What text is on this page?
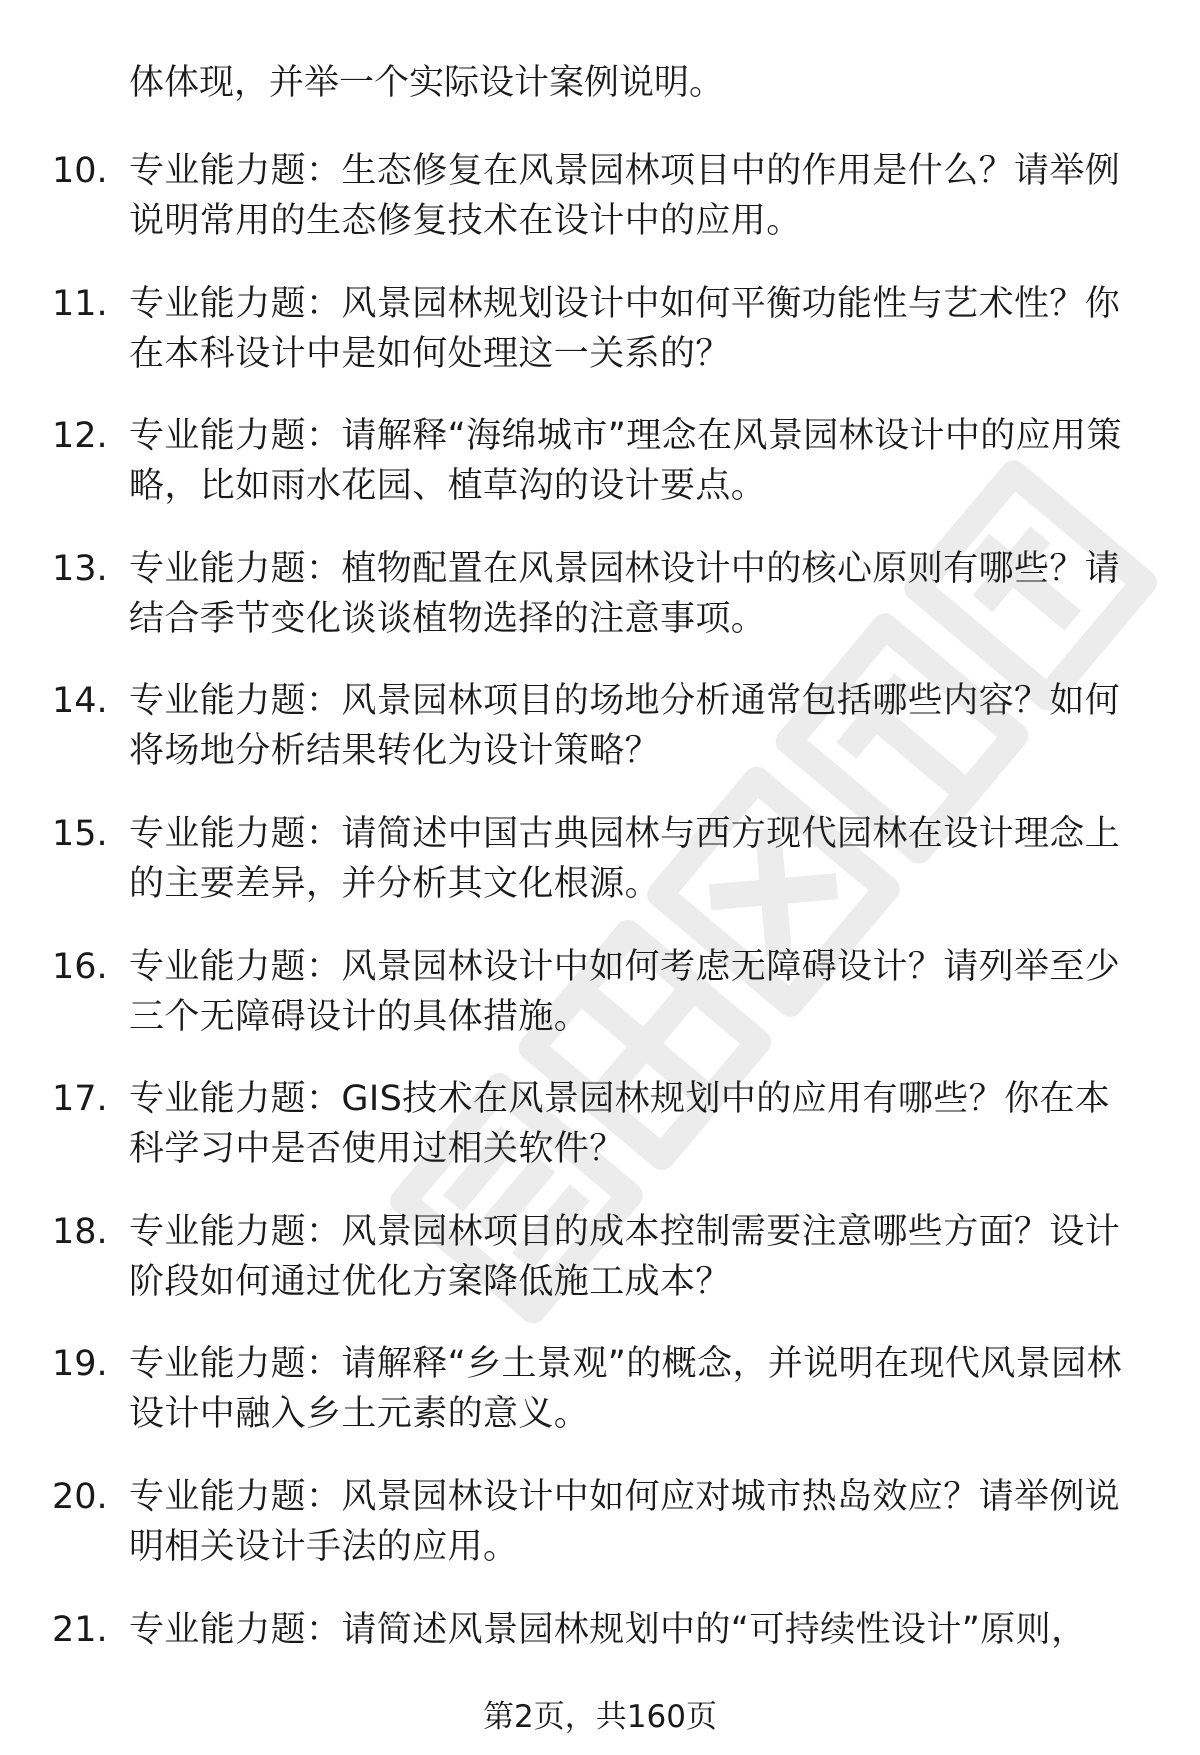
体体现，并举一个实际设计案例说明。
10. 专业能力题：生态修复在风景园林项目中的作用是什么？请举例说明常用的生态修复技术在设计中的应用。
11. 专业能力题：风景园林规划设计中如何平衡功能性与艺术性？你在本科设计中是如何处理这一关系的？
12. 专业能力题：请解释“海绵城市”理念在风景园林设计中的应用策略，比如雨水花园、植草沟的设计要点。
13. 专业能力题：植物配置在风景园林设计中的核心原则有哪些？请结合季节变化谈谈植物选择的注意事项。
14. 专业能力题：风景园林项目的场地分析通常包括哪些内容？如何将场地分析结果转化为设计策略？
15. 专业能力题：请简述中国古典园林与西方现代园林在设计理念上的主要差异，并分析其文化根源。
16. 专业能力题：风景园林设计中如何考虑无障碍设计？请列举至少三个无障碍设计的具体措施。
17. 专业能力题：GIS技术在风景园林规划中的应用有哪些？你在本科学习中是否使用过相关软件？
18. 专业能力题：风景园林项目的成本控制需要注意哪些方面？设计阶段如何通过优化方案降低施工成本？
19. 专业能力题：请解释“乡土景观”的概念，并说明在现代风景园林设计中融入乡土元素的意义。
20. 专业能力题：风景园林设计中如何应对城市热岛效应？请举例说明相关设计手法的应用。
21. 专业能力题：请简述风景园林规划中的“可持续性设计”原则，
第2页，共160页
